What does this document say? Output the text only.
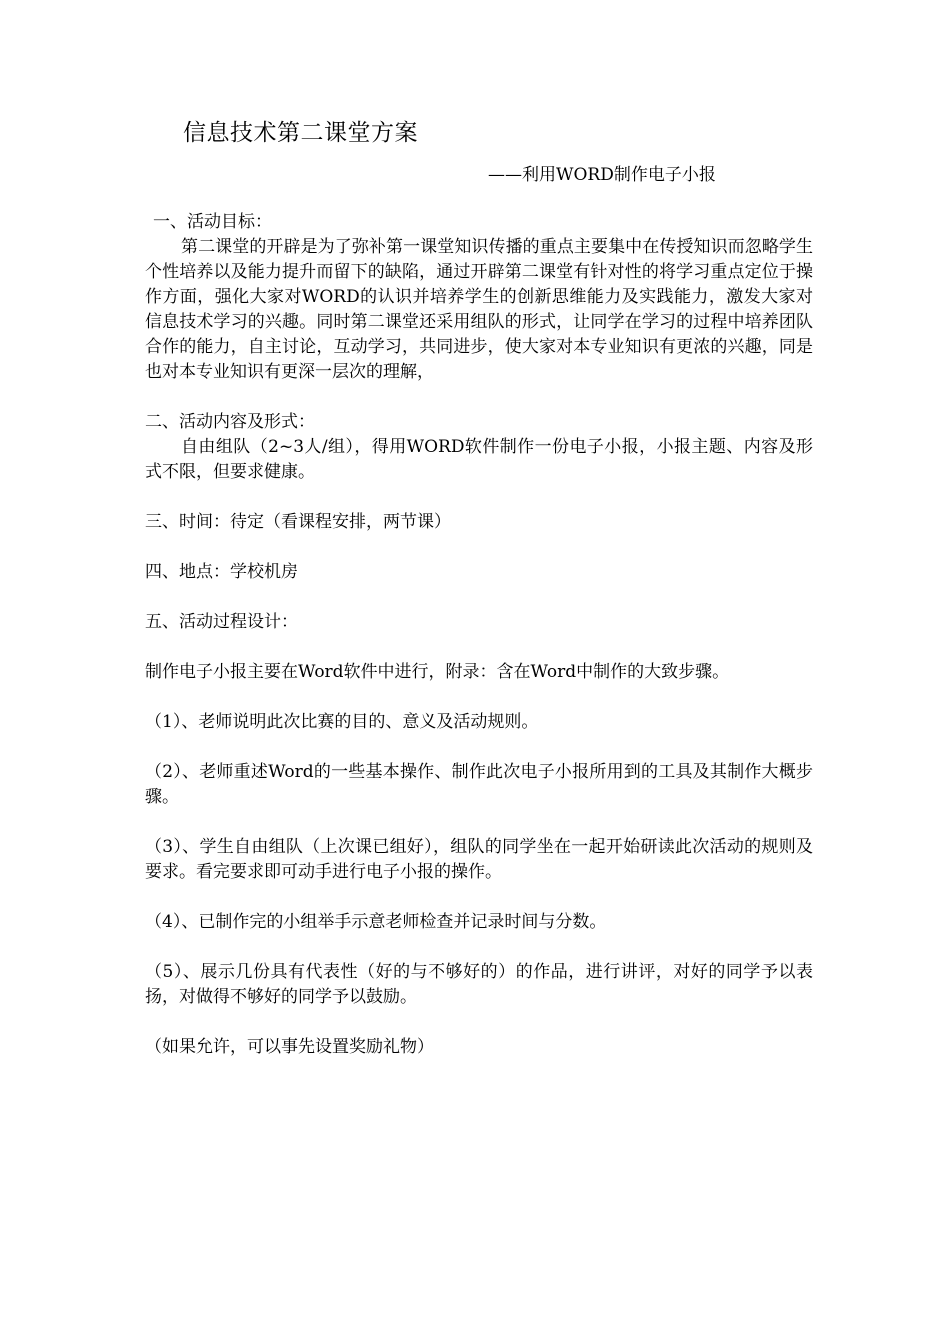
信息技术第二课堂方案
——利用WORD制作电子小报

一、活动目标：

第二课堂的开辟是为了弥补第一课堂知识传播的重点主要集中在传授知识而忽略学生个性培养以及能力提升而留下的缺陷，通过开辟第二课堂有针对性的将学习重点定位于操作方面，强化大家对WORD的认识并培养学生的创新思维能力及实践能力，激发大家对信息技术学习的兴趣。同时第二课堂还采用组队的形式，让同学在学习的过程中培养团队合作的能力，自主讨论，互动学习，共同进步，使大家对本专业知识有更浓的兴趣，同是也对本专业知识有更深一层次的理解，

二、活动内容及形式：

自由组队（2~3人/组），得用WORD软件制作一份电子小报，小报主题、内容及形式不限，但要求健康。

三、时间：待定（看课程安排，两节课）

四、地点：学校机房

五、活动过程设计：

制作电子小报主要在Word软件中进行，附录：含在Word中制作的大致步骤。

（1）、老师说明此次比赛的目的、意义及活动规则。

（2）、老师重述Word的一些基本操作、制作此次电子小报所用到的工具及其制作大概步骤。

（3）、学生自由组队（上次课已组好），组队的同学坐在一起开始研读此次活动的规则及要求。看完要求即可动手进行电子小报的操作。

（4）、已制作完的小组举手示意老师检查并记录时间与分数。

（5）、展示几份具有代表性（好的与不够好的）的作品，进行讲评，对好的同学予以表扬，对做得不够好的同学予以鼓励。

（如果允许，可以事先设置奖励礼物）
